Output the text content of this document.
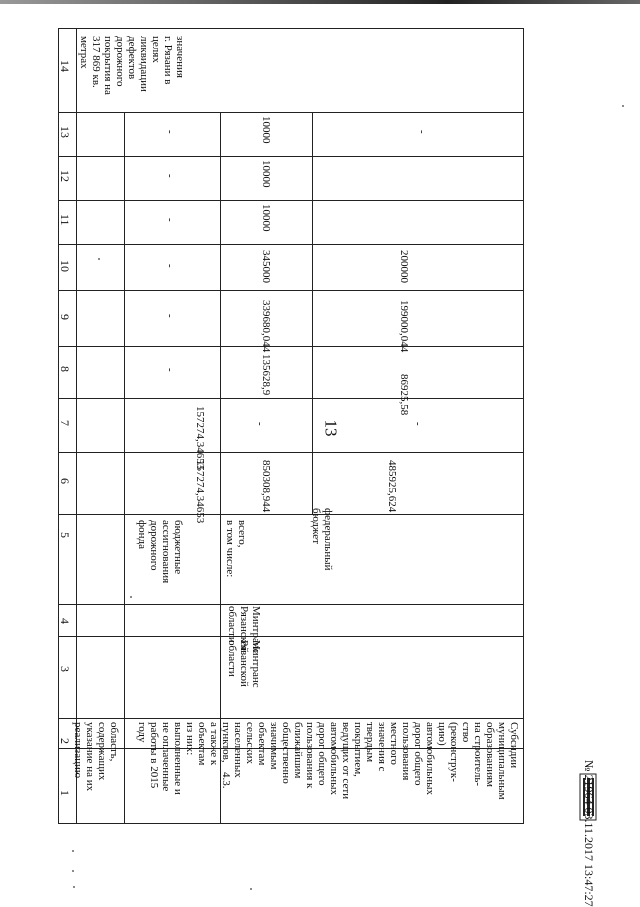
13
1
2
3
4
5
6
7
8
9
10
11
12
13
14
областъ,
содержащих
указание на их
реализацию
значения
г. Рязани в
целях
ликвидации
дефектов
дорожного
покрытия на
317 869 кв.
метрах
из них:
выполненные и
не оплаченные
работы в 2015
году
бюджетные
ассигнования
дорожного
фонда
157274,34653
157274,34653
-
-
-
-
-
-
4.3.
Субсидии
муниципальным
образованиям
на строитель-
ство
(реконструк-
цию)
автомобильных
дорог общего
пользования
местного
значения с
твердым
покрытием,
ведущих от сети
автомобильных
дорог общего
пользования к
ближайшим
общественно
значимым
объектам
сельских
населенных
пунктов,
а также к
объектам
Минтранс
Рязанской
области
Минтранс
Рязанской
области
всего,
в том числе:
850308,944
-
135628,9
339680,044
345000
10000
10000
10000
федеральный
бюджет
485925,624
-
86925,58
199000,044
200000
-
№ 21964 03.11.2017 13:47:27
